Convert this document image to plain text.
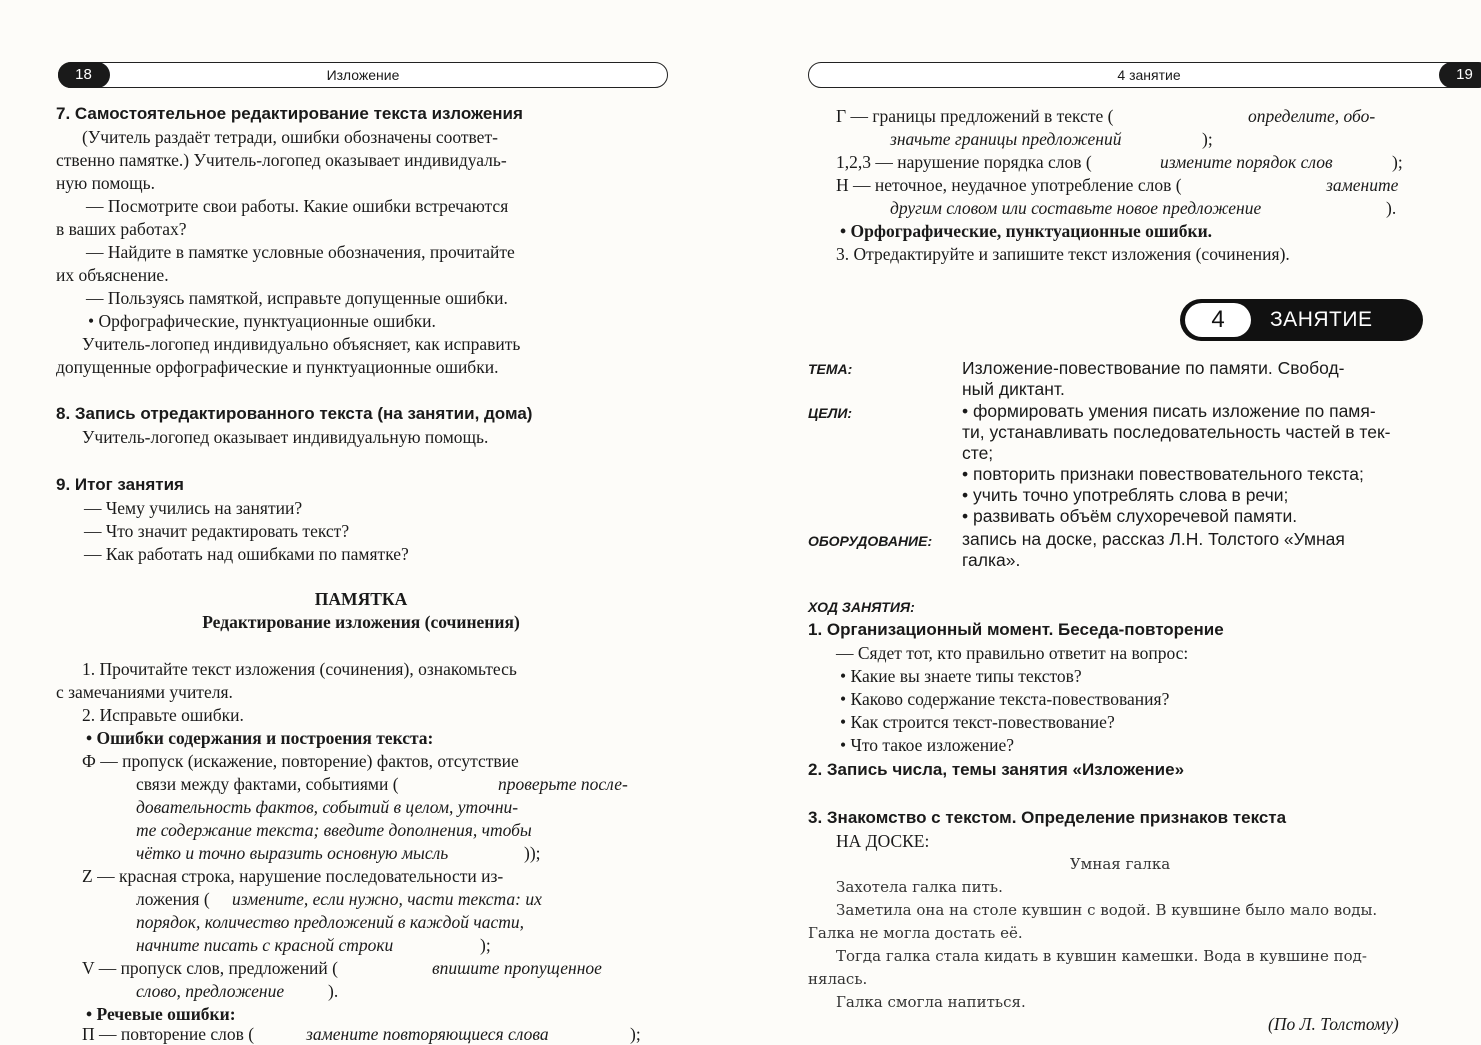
18	Изложение	4 занятие	19
4	ЗАНЯТИЕ
7. Самостоятельное редактирование текста изложения
(Учитель раздаёт тетради, ошибки обозначены соответ-
ственно памятке.) Учитель-логопед оказывает индивидуаль-
ную помощь.
— Посмотрите свои работы. Какие ошибки встречаются
в ваших работах?
— Найдите в памятке условные обозначения, прочитайте
их объяснение.
— Пользуясь памяткой, исправьте допущенные ошибки.
• Орфографические, пунктуационные ошибки.
Учитель-логопед индивидуально объясняет, как исправить
допущенные орфографические и пунктуационные ошибки.
8. Запись отредактированного текста (на занятии, дома)
Учитель-логопед оказывает индивидуальную помощь.
9. Итог занятия
— Чему учились на занятии?
— Что значит редактировать текст?
— Как работать над ошибками по памятке?
ПАМЯТКА
Редактирование изложения (сочинения)
1. Прочитайте текст изложения (сочинения), ознакомьтесь
с замечаниями учителя.
2. Исправьте ошибки.
• Ошибки содержания и построения текста:
Ф — пропуск (искажение, повторение) фактов, отсутствие
связи между фактами, событиями (	проверьте после-
довательность фактов, событий в целом, уточни-
те содержание текста; введите дополнения, чтобы
чётко и точно выразить основную мысль	));
Z — красная строка, нарушение последовательности из-
ложения ( измените, если нужно, части текста: их
порядок, количество предложений в каждой части,
начните писать с красной строки	);
V — пропуск слов, предложений (	впишите пропущенное
слово, предложение	).
• Речевые ошибки:
П — повторение слов (	замените повторяющиеся слова	);
Г — границы предложений в тексте (	определите, обо-
значьте границы предложений	);
1,2,3 — нарушение порядка слов (	измените порядок слов	);
Н — неточное, неудачное употребление слов (	замените
другим словом или составьте новое предложение	).
• Орфографические, пунктуационные ошибки.
3. Отредактируйте и запишите текст изложения (сочинения).
ТЕМА:	Изложение-повествование по памяти. Свобод-
ный диктант.
ЦЕЛИ:	• формировать умения писать изложение по памя-
ти, устанавливать последовательность частей в тек-
сте;
• повторить признаки повествовательного текста;
• учить точно употреблять слова в речи;
• развивать объём слухоречевой памяти.
ОБОРУДОВАНИЕ: запись на доске, рассказ Л.Н. Толстого «Умная
галка».
ХОД ЗАНЯТИЯ:
1. Организационный момент. Беседа-повторение
— Сядет тот, кто правильно ответит на вопрос:
• Какие вы знаете типы текстов?
• Каково содержание текста-повествования?
• Как строится текст-повествование?
• Что такое изложение?
2. Запись числа, темы занятия «Изложение»
3. Знакомство с текстом. Определение признаков текста
НА ДОСКЕ:
Умная галка
(По Л. Толстому)
Захотела галка пить.
Заметила она на столе кувшин с водой. В кувшине было мало воды.
Галка не могла достать её.
Тогда галка стала кидать в кувшин камешки. Вода в кувшине под-
нялась.
Галка смогла напиться.
